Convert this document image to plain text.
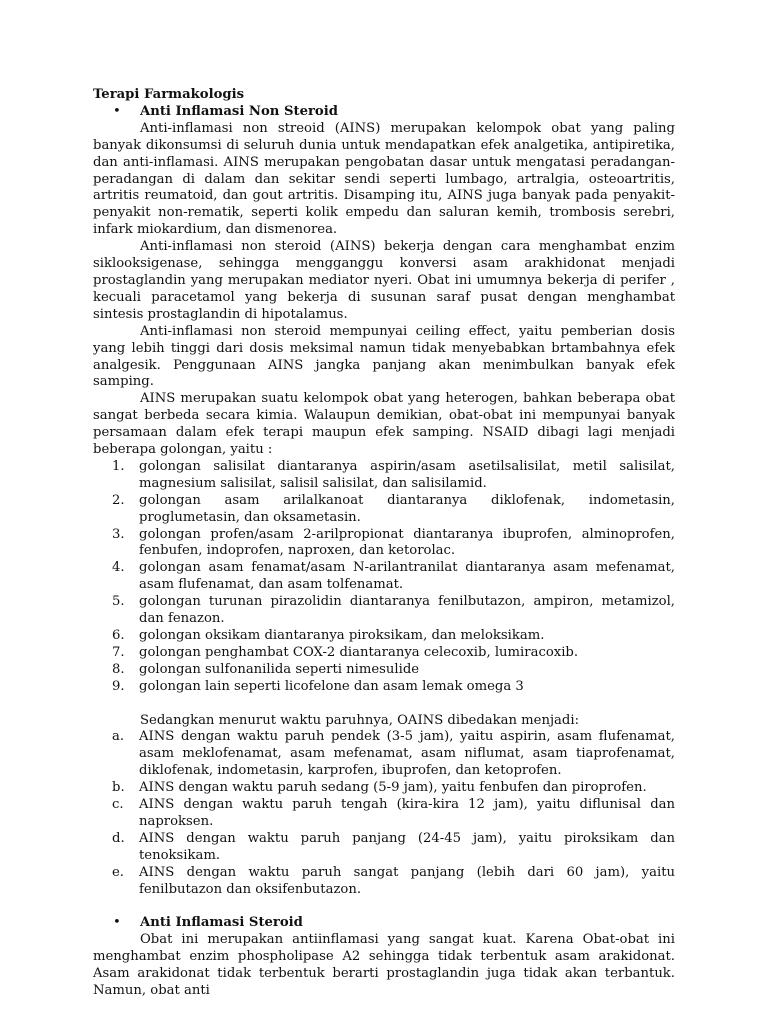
Terapi Farmakologis
• Anti Inflamasi Non Steroid

Anti-inflamasi non streoid (AINS) merupakan kelompok obat yang paling banyak dikonsumsi di seluruh dunia untuk mendapatkan efek analgetika, antipiretika, dan anti-inflamasi. AINS merupakan pengobatan dasar untuk mengatasi peradangan-peradangan di dalam dan sekitar sendi seperti lumbago, artralgia, osteoartritis, artritis reumatoid, dan gout artritis. Disamping itu, AINS juga banyak pada penyakit-penyakit non-rematik, seperti kolik empedu dan saluran kemih, trombosis serebri, infark miokardium, dan dismenorea.

Anti-inflamasi non steroid (AINS) bekerja dengan cara menghambat enzim siklooksigenase, sehingga mengganggu konversi asam arakhidonat menjadi prostaglandin yang merupakan mediator nyeri. Obat ini umumnya bekerja di perifer , kecuali paracetamol yang bekerja di susunan saraf pusat dengan menghambat sintesis prostaglandin di hipotalamus.

Anti-inflamasi non steroid mempunyai ceiling effect, yaitu pemberian dosis yang lebih tinggi dari dosis meksimal namun tidak menyebabkan brtambahnya efek analgesik. Penggunaan AINS jangka panjang akan menimbulkan banyak efek samping.

AINS merupakan suatu kelompok obat yang heterogen, bahkan beberapa obat sangat berbeda secara kimia. Walaupun demikian, obat-obat ini mempunyai banyak persamaan dalam efek terapi maupun efek samping. NSAID dibagi lagi menjadi beberapa golongan, yaitu :

1. golongan salisilat diantaranya aspirin/asam asetilsalisilat, metil salisilat, magnesium salisilat, salisil salisilat, dan salisilamid.
2. golongan asam arilalkanoat diantaranya diklofenak, indometasin, proglumetasin, dan oksametasin.
3. golongan profen/asam 2-arilpropionat diantaranya ibuprofen, alminoprofen, fenbufen, indoprofen, naproxen, dan ketorolac.
4. golongan asam fenamat/asam N-arilantranilat diantaranya asam mefenamat, asam flufenamat, dan asam tolfenamat.
5. golongan turunan pirazolidin diantaranya fenilbutazon, ampiron, metamizol, dan fenazon.
6. golongan oksikam diantaranya piroksikam, dan meloksikam.
7. golongan penghambat COX-2 diantaranya celecoxib, lumiracoxib.
8. golongan sulfonanilida seperti nimesulide
9. golongan lain seperti licofelone dan asam lemak omega 3

Sedangkan menurut waktu paruhnya, OAINS dibedakan menjadi:

a. AINS dengan waktu paruh pendek (3-5 jam), yaitu aspirin, asam flufenamat, asam meklofenamat, asam mefenamat, asam niflumat, asam tiaprofenamat, diklofenak, indometasin, karprofen, ibuprofen, dan ketoprofen.
b. AINS dengan waktu paruh sedang (5-9 jam), yaitu fenbufen dan piroprofen.
c. AINS dengan waktu paruh tengah (kira-kira 12 jam), yaitu diflunisal dan naproksen.
d. AINS dengan waktu paruh panjang (24-45 jam), yaitu piroksikam dan tenoksikam.
e. AINS dengan waktu paruh sangat panjang (lebih dari 60 jam), yaitu fenilbutazon dan oksifenbutazon.
• Anti Inflamasi Steroid

Obat ini merupakan antiinflamasi yang sangat kuat. Karena Obat-obat ini menghambat enzim phospholipase A2 sehingga tidak terbentuk asam arakidonat. Asam arakidonat tidak terbentuk berarti prostaglandin juga tidak akan terbantuk. Namun, obat anti
